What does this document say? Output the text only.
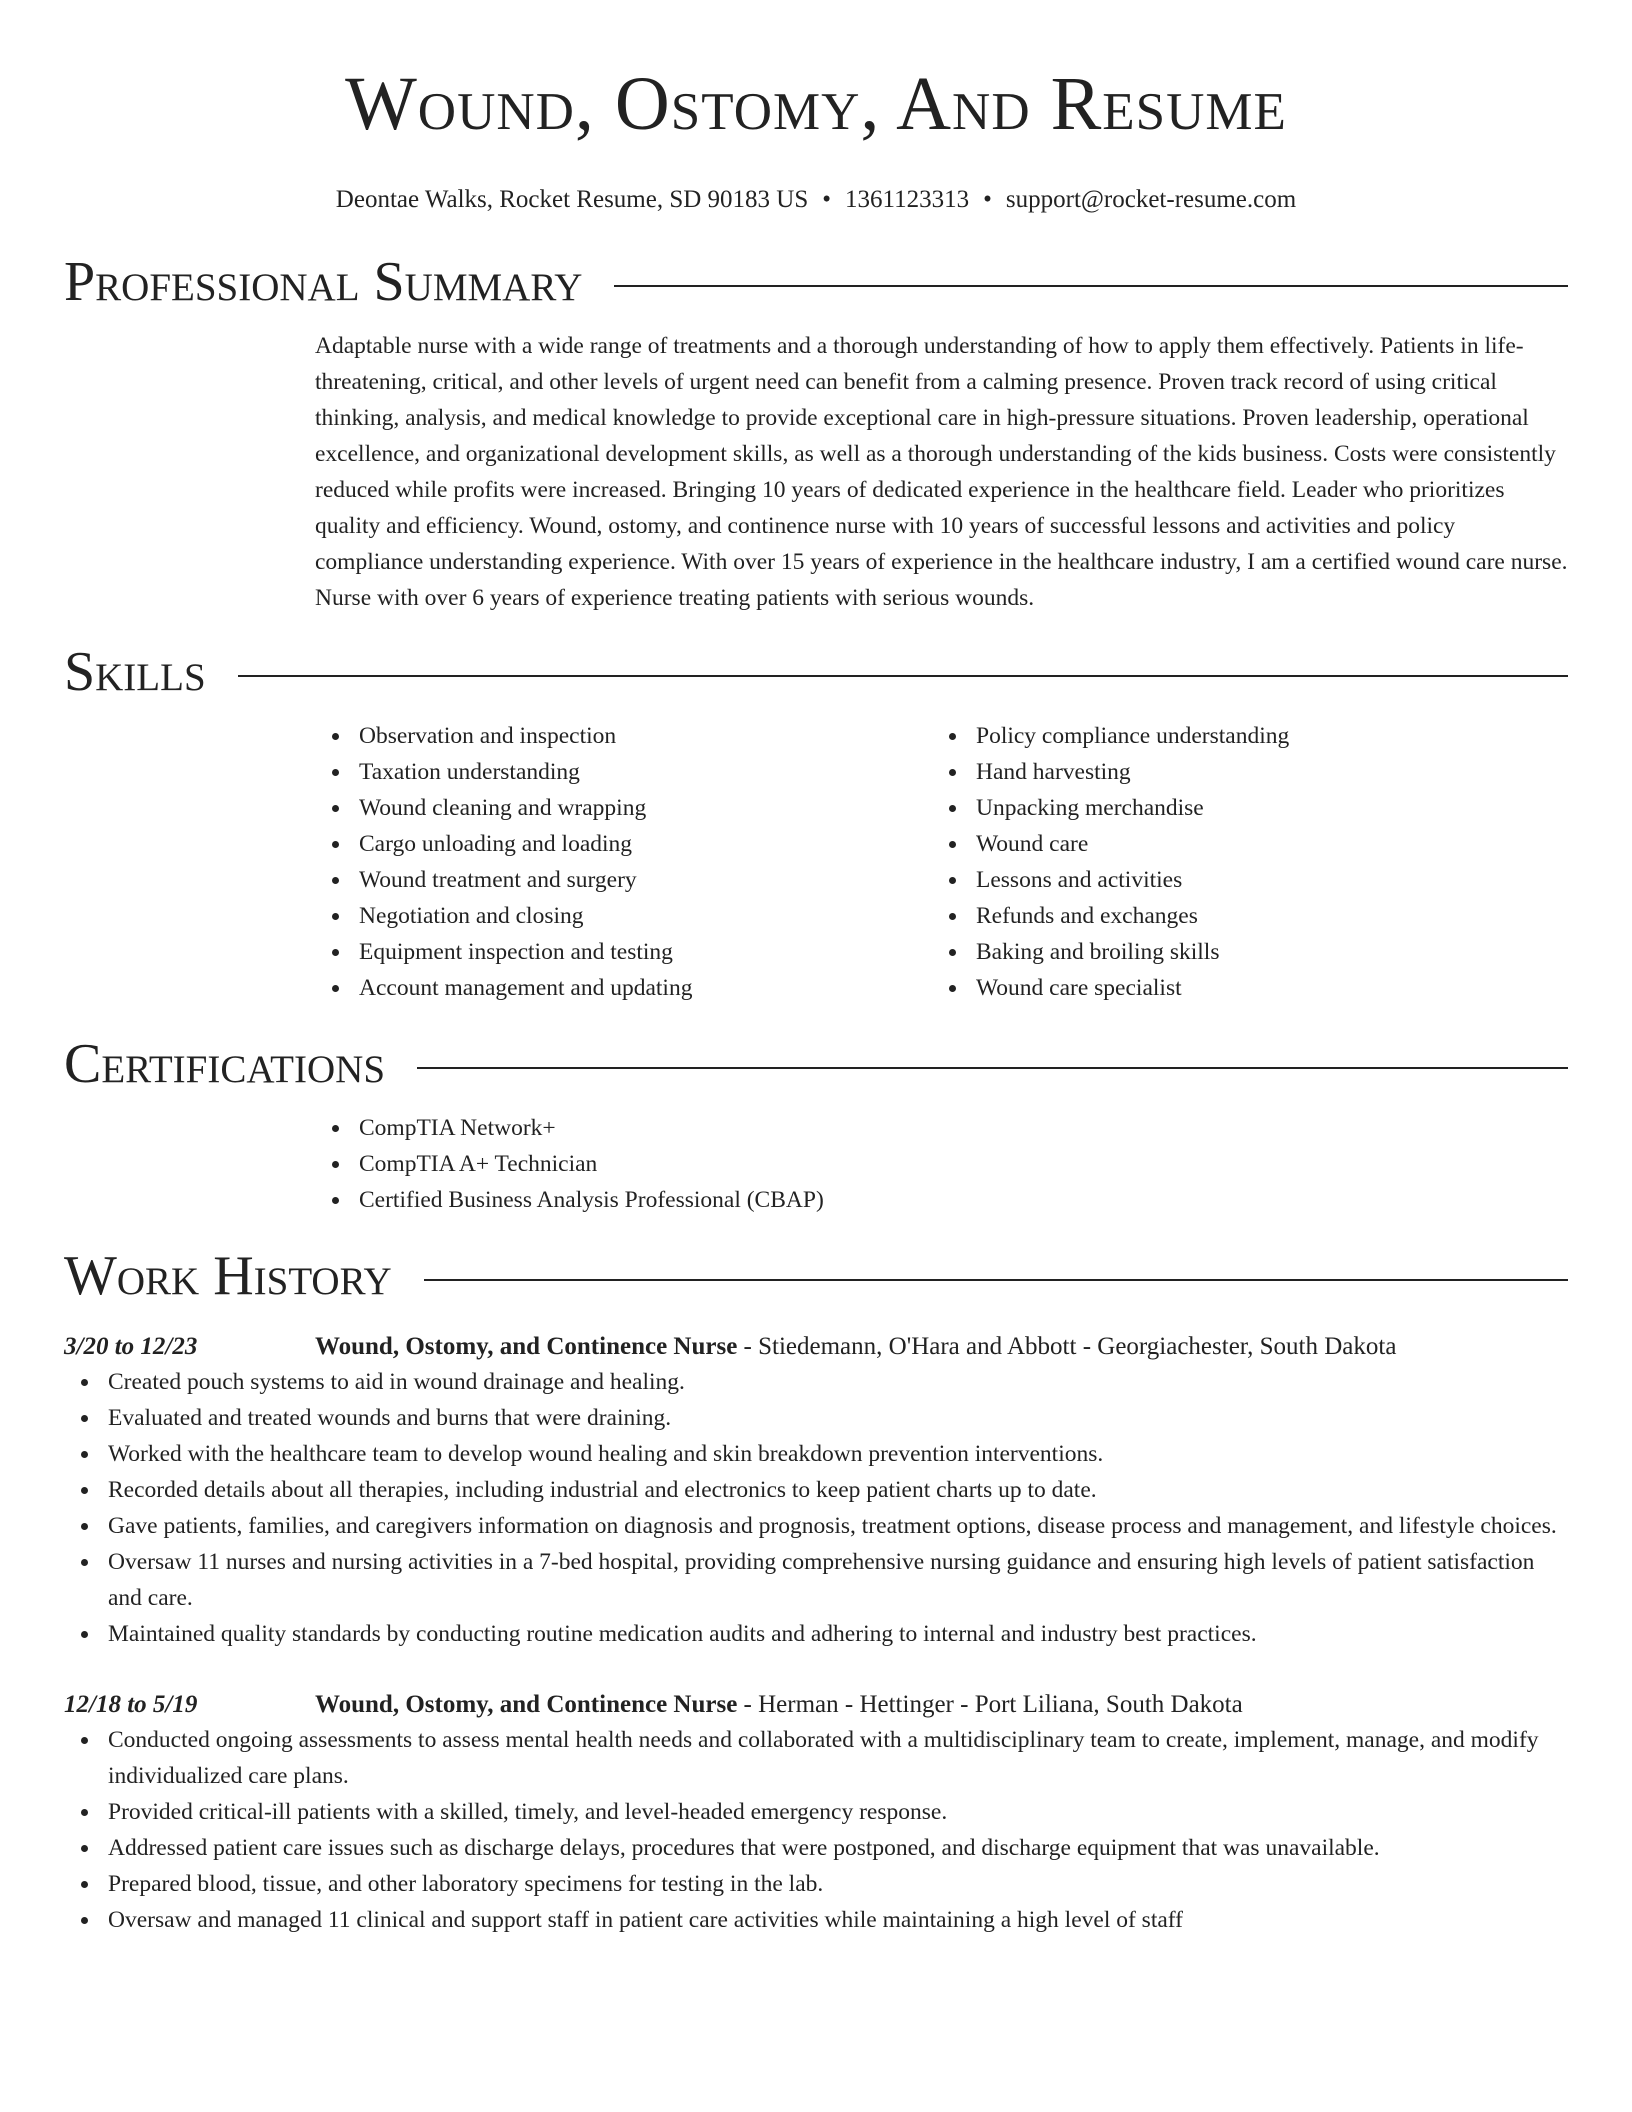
Wound, Ostomy, And Resume
Deontae Walks, Rocket Resume, SD 90183 US • 1361123313 • support@rocket-resume.com
Professional Summary

Adaptable nurse with a wide range of treatments and a thorough understanding of how to apply them effectively. Patients in life-threatening, critical, and other levels of urgent need can benefit from a calming presence. Proven track record of using critical thinking, analysis, and medical knowledge to provide exceptional care in high-pressure situations. Proven leadership, operational excellence, and organizational development skills, as well as a thorough understanding of the kids business. Costs were consistently reduced while profits were increased. Bringing 10 years of dedicated experience in the healthcare field. Leader who prioritizes quality and efficiency. Wound, ostomy, and continence nurse with 10 years of successful lessons and activities and policy compliance understanding experience. With over 15 years of experience in the healthcare industry, I am a certified wound care nurse. Nurse with over 6 years of experience treating patients with serious wounds.

Skills
Observation and inspection
Taxation understanding
Wound cleaning and wrapping
Cargo unloading and loading
Wound treatment and surgery
Negotiation and closing
Equipment inspection and testing
Account management and updating
Policy compliance understanding
Hand harvesting
Unpacking merchandise
Wound care
Lessons and activities
Refunds and exchanges
Baking and broiling skills
Wound care specialist
Certifications
CompTIA Network+
CompTIA A+ Technician
Certified Business Analysis Professional (CBAP)
Work History
3/20 to 12/23	Wound, Ostomy, and Continence Nurse - Stiedemann, O'Hara and Abbott - Georgiachester, South Dakota
Created pouch systems to aid in wound drainage and healing.
Evaluated and treated wounds and burns that were draining.
Worked with the healthcare team to develop wound healing and skin breakdown prevention interventions.
Recorded details about all therapies, including industrial and electronics to keep patient charts up to date.
Gave patients, families, and caregivers information on diagnosis and prognosis, treatment options, disease process and management, and lifestyle choices.
Oversaw 11 nurses and nursing activities in a 7-bed hospital, providing comprehensive nursing guidance and ensuring high levels of patient satisfaction and care.
Maintained quality standards by conducting routine medication audits and adhering to internal and industry best practices.
12/18 to 5/19	Wound, Ostomy, and Continence Nurse - Herman - Hettinger - Port Liliana, South Dakota
Conducted ongoing assessments to assess mental health needs and collaborated with a multidisciplinary team to create, implement, manage, and modify individualized care plans.
Provided critical-ill patients with a skilled, timely, and level-headed emergency response.
Addressed patient care issues such as discharge delays, procedures that were postponed, and discharge equipment that was unavailable.
Prepared blood, tissue, and other laboratory specimens for testing in the lab.
Oversaw and managed 11 clinical and support staff in patient care activities while maintaining a high level of staff
